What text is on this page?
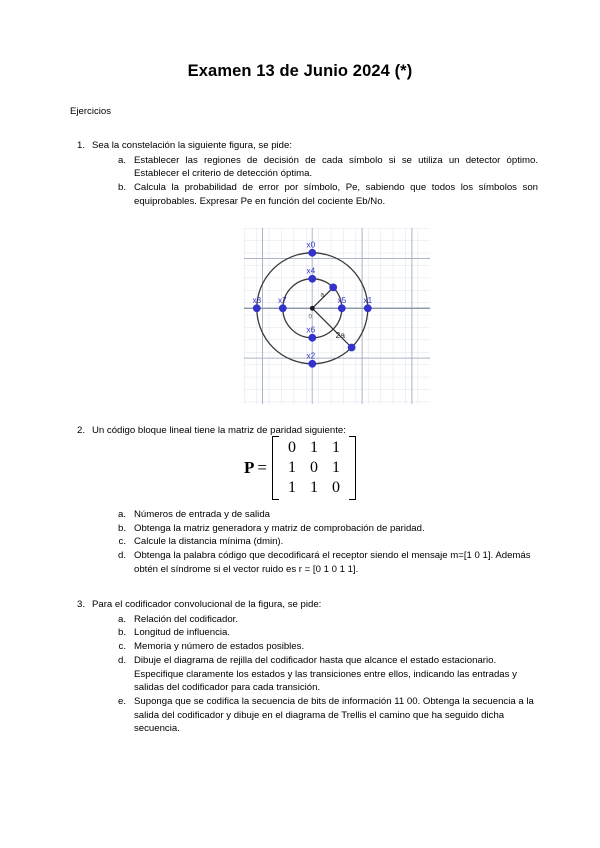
Examen 13 de Junio 2024 (*)
Ejercicios
1. Sea la constelación la siguiente figura, se pide:
a. Establecer las regiones de decisión de cada símbolo si se utiliza un detector óptimo. Establecer el criterio de detección óptima.
b. Calcula la probabilidad de error por símbolo, Pe, sabiendo que todos los símbolos son equiprobables. Expresar Pe en función del cociente Eb/No.
x0
x1
x2
x3
x4
x5
x6
x7
a
2a
0
2. Un código bloque lineal tiene la matriz de paridad siguiente:
P =
0	1	1
1	0	1
1	1	0
a. Números de entrada y de salida
b. Obtenga la matriz generadora y matriz de comprobación de paridad.
c. Calcule la distancia mínima (dmin).
d. Obtenga la palabra código que decodificará el receptor siendo el mensaje m=[1 0 1]. Además obtén el síndrome si el vector ruido es r = [0 1 0 1 1].
3. Para el codificador convolucional de la figura, se pide:
a. Relación del codificador.
b. Longitud de influencia.
c. Memoria y número de estados posibles.
d. Dibuje el diagrama de rejilla del codificador hasta que alcance el estado estacionario. Especifique claramente los estados y las transiciones entre ellos, indicando las entradas y salidas del codificador para cada transición.
e. Suponga que se codifica la secuencia de bits de información 11 00. Obtenga la secuencia a la salida del codificador y dibuje en el diagrama de Trellis el camino que ha seguido dicha secuencia.
